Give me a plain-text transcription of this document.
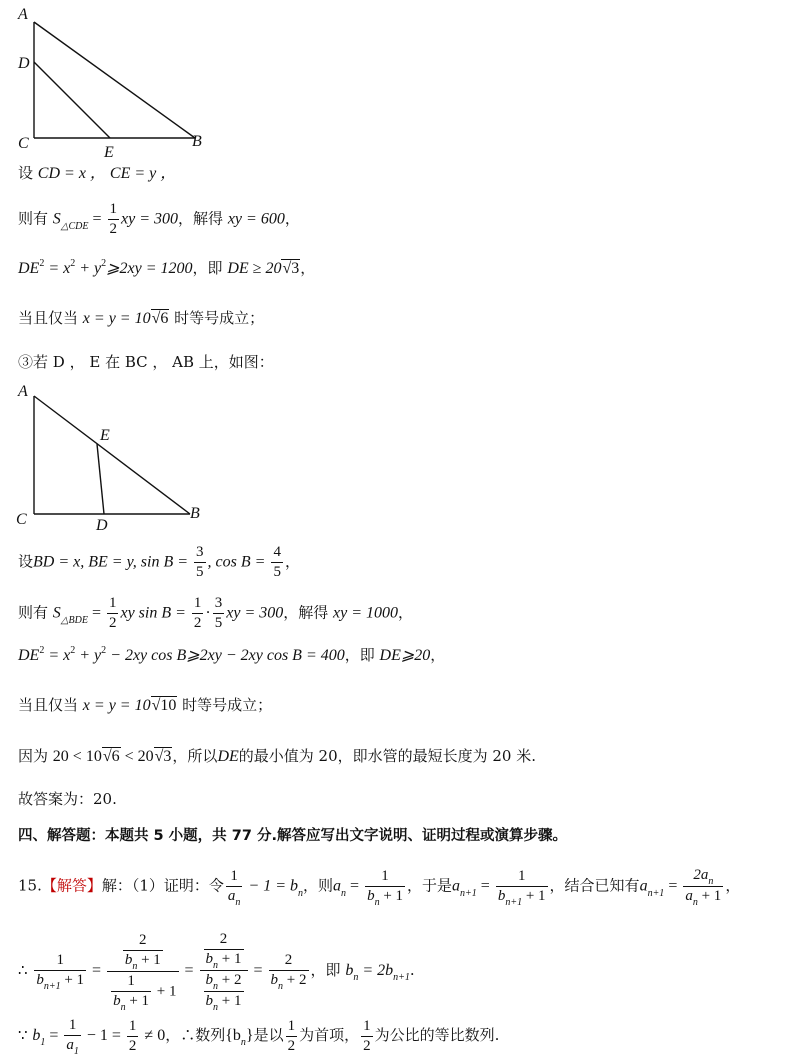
A
D
C
E
B
设 CD = x ， CE = y ，
则有 $S_{\triangle CDE} = \frac{1}{2}$ xy = 300，解得 xy = 600，
$DE^2 = x^2$ + $y^2⩾2xy = 1200$，即 DE ≥ 20√3，
当且仅当 x = y = 10√6 时等号成立；
③若 D ， E 在 BC ， AB 上，如图：
A
E
C	D
B
设BD = x, BE = y, $\sin B = \frac{3}{5}$ , $\cos B = \frac{4}{5}$ ，
则有 $S_{\triangle BDE} = \frac{1}{2}$ xy $\sin B = \frac{1}{2} \cdot \frac{3}{5}$ xy = 300，解得 xy = 1000，
$DE^2 = x^2 + y^2 - 2xy$ cos B⩾2xy − 2xy cos B = 400，即 DE⩾20，
当且仅当 x = y = 10√10 时等号成立；
因为 20 < 10√6 < 20√3，所以DE的最小值为 20，即水管的最短长度为 20 米.
故答案为：20.
四、解答题：本题共 5 小题，共 77 分.解答应写出文字说明、证明过程或演算步骤。
15.【解答】解：（1）证明：令 $\frac{1}{a_n} - 1 = b_n$，则$a_n = \frac{1}{b_n + 1}$ ，于是$a_{n+1} = \frac{1}{b_{n+1} + 1}$ ，结合已知有$a_{n+1} = \frac{2a_n}{a_n + 1}$ ，
∴ $\frac{1}{b_{n+1} + 1} = \frac{\frac{2}{b_n + 1}}{\frac{1}{b_n + 1} + 1} = \frac{\frac{2}{b_n + 1}}{\frac{b_n + 2}{b_n + 1}} = \frac{2}{b_n + 2}$ ，即 $b_n = 2b_{n+1}$.
∵ $b_1 = \frac{1}{a_1} - 1 = \frac{1}{2} \ne 0$，∴数列$\{b_n\}$是以 $\frac{1}{2}$ 为首项， $\frac{1}{2}$ 为公比的等比数列.
